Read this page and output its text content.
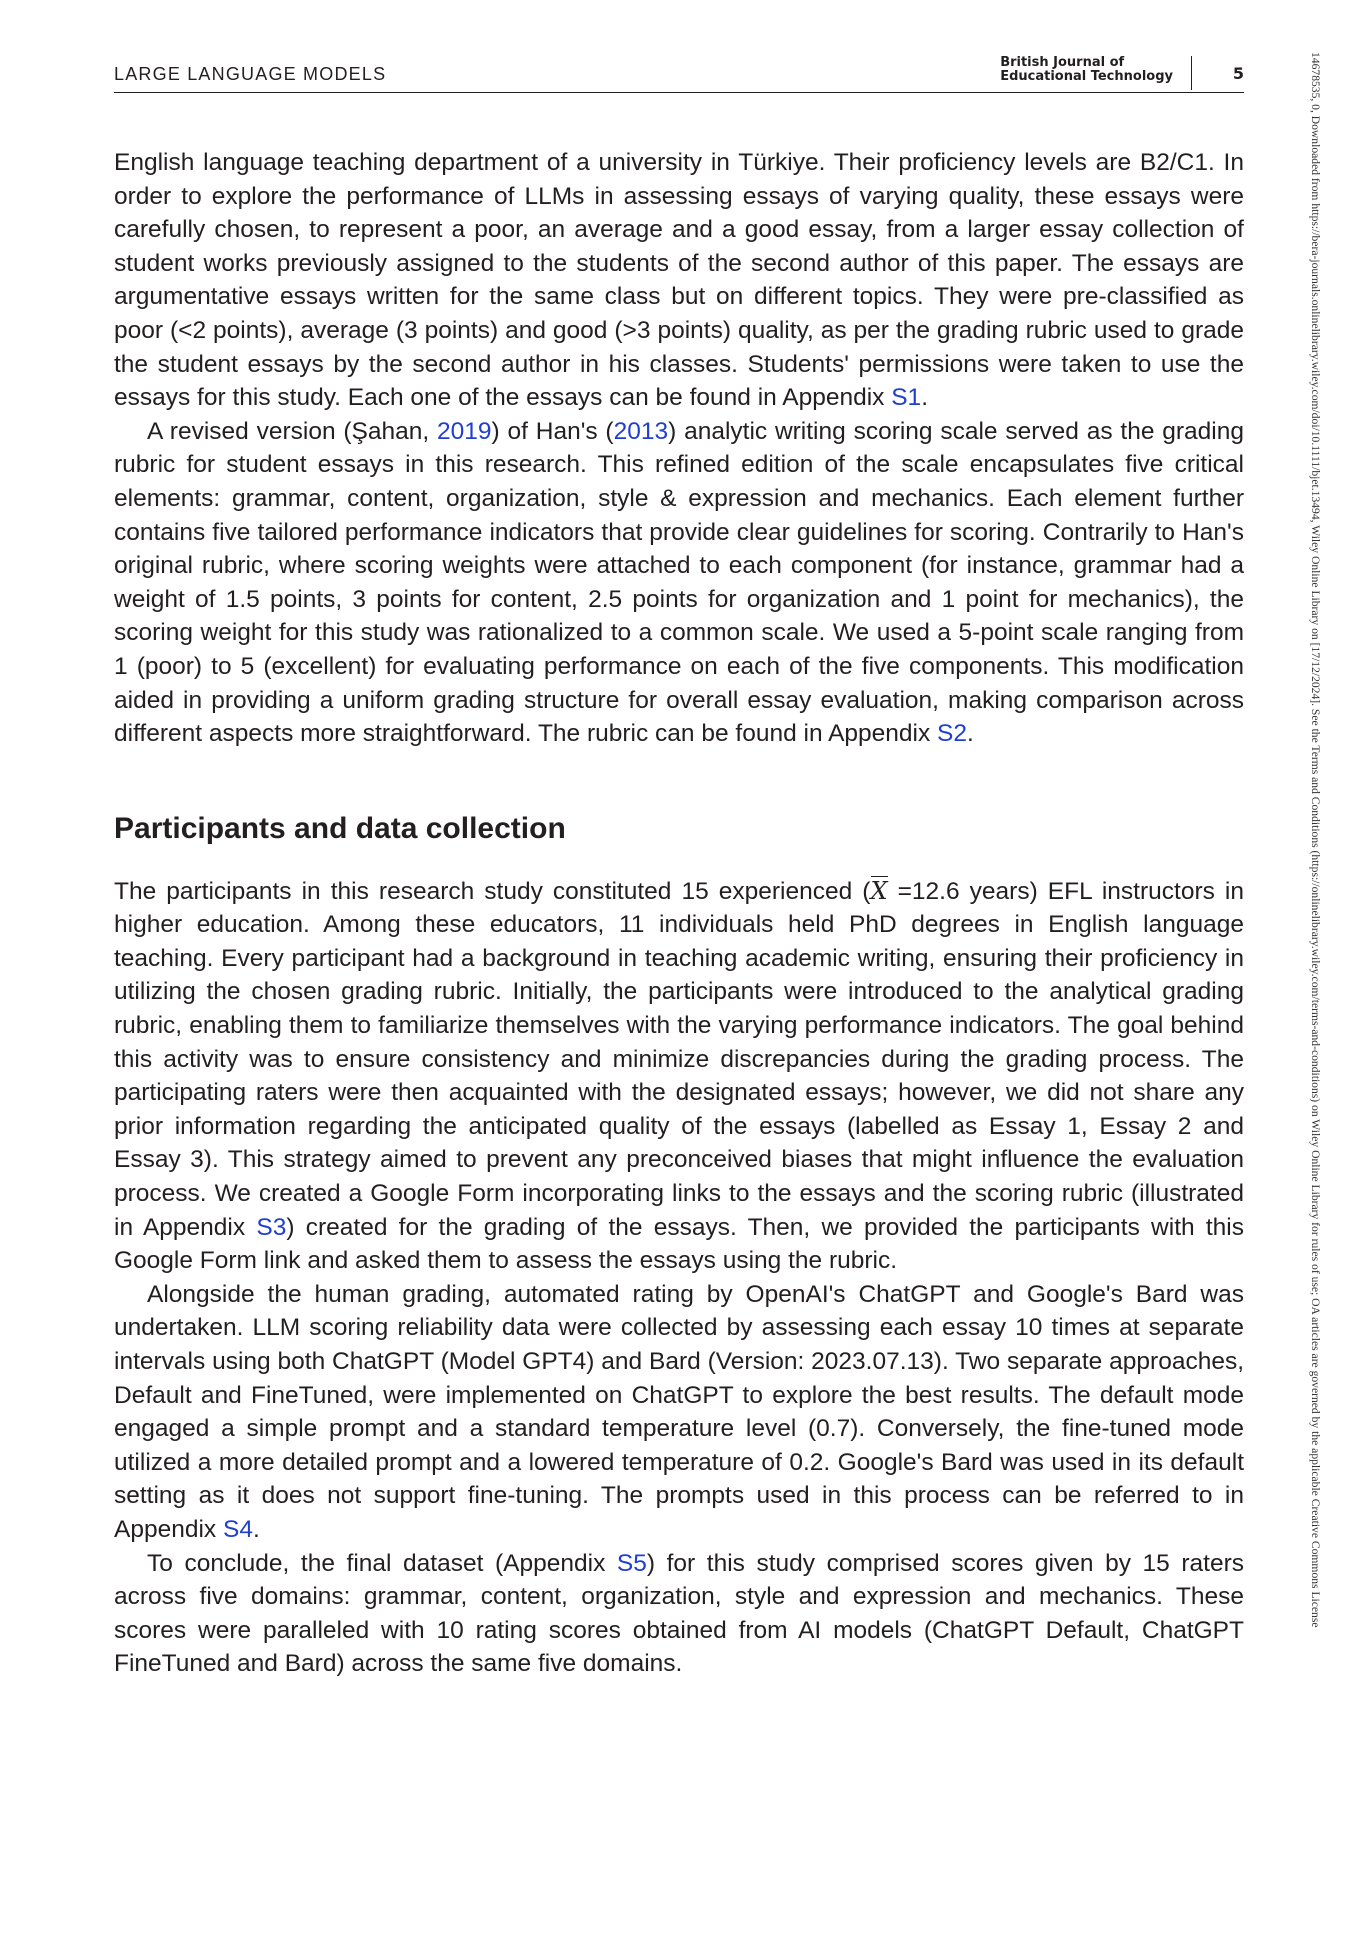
LARGE LANGUAGE MODELS
British Journal of
Educational Technology	5	14678535, 0, Downloaded from https://bera-journals.onlinelibrary.wiley.com/doi/10.1111/bjet.13494, Wiley Online Library on [17/12/2024]. See the Terms and Conditions (https://onlinelibrary.wiley.com/terms-and-conditions) on Wiley Online Library for rules of use; OA articles are governed by the applicable Creative Commons License

English language teaching department of a university in Türkiye. Their proficiency levels are B2/C1. In order to explore the performance of LLMs in assessing essays of varying quality, these essays were carefully chosen, to represent a poor, an average and a good essay, from a larger essay collection of student works previously assigned to the students of the second author of this paper. The essays are argumentative essays written for the same class but on different topics. They were pre-classified as poor (<2 points), average (3 points) and good (>3 points) quality, as per the grading rubric used to grade the student essays by the second author in his classes. Students' permissions were taken to use the essays for this study. Each one of the essays can be found in Appendix S1.

A revised version (Şahan, 2019) of Han's (2013) analytic writing scoring scale served as the grading rubric for student essays in this research. This refined edition of the scale encapsulates five critical elements: grammar, content, organization, style & expression and mechanics. Each element further contains five tailored performance indicators that provide clear guidelines for scoring. Contrarily to Han's original rubric, where scoring weights were attached to each component (for instance, grammar had a weight of 1.5 points, 3 points for content, 2.5 points for organization and 1 point for mechanics), the scoring weight for this study was rationalized to a common scale. We used a 5-point scale ranging from 1 (poor) to 5 (excellent) for evaluating performance on each of the five components. This modification aided in providing a uniform grading structure for overall essay evaluation, making comparison across different aspects more straightforward. The rubric can be found in Appendix S2.

Participants and data collection

The participants in this research study constituted 15 experienced (X =12.6 years) EFL instructors in higher education. Among these educators, 11 individuals held PhD degrees in English language teaching. Every participant had a background in teaching academic writing, ensuring their proficiency in utilizing the chosen grading rubric. Initially, the participants were introduced to the analytical grading rubric, enabling them to familiarize themselves with the varying performance indicators. The goal behind this activity was to ensure consistency and minimize discrepancies during the grading process. The participating raters were then acquainted with the designated essays; however, we did not share any prior information regarding the anticipated quality of the essays (labelled as Essay 1, Essay 2 and Essay 3). This strategy aimed to prevent any preconceived biases that might influence the evaluation process. We created a Google Form incorporating links to the essays and the scoring rubric (illustrated in Appendix S3) created for the grading of the essays. Then, we provided the participants with this Google Form link and asked them to assess the essays using the rubric.

Alongside the human grading, automated rating by OpenAI's ChatGPT and Google's Bard was undertaken. LLM scoring reliability data were collected by assessing each essay 10 times at separate intervals using both ChatGPT (Model GPT4) and Bard (Version: 2023.07.13). Two separate approaches, Default and FineTuned, were implemented on ChatGPT to explore the best results. The default mode engaged a simple prompt and a standard temperature level (0.7). Conversely, the fine-tuned mode utilized a more detailed prompt and a lowered temperature of 0.2. Google's Bard was used in its default setting as it does not support fine-tuning. The prompts used in this process can be referred to in Appendix S4.

To conclude, the final dataset (Appendix S5) for this study comprised scores given by 15 raters across five domains: grammar, content, organization, style and expression and mechanics. These scores were paralleled with 10 rating scores obtained from AI models (ChatGPT Default, ChatGPT FineTuned and Bard) across the same five domains.
